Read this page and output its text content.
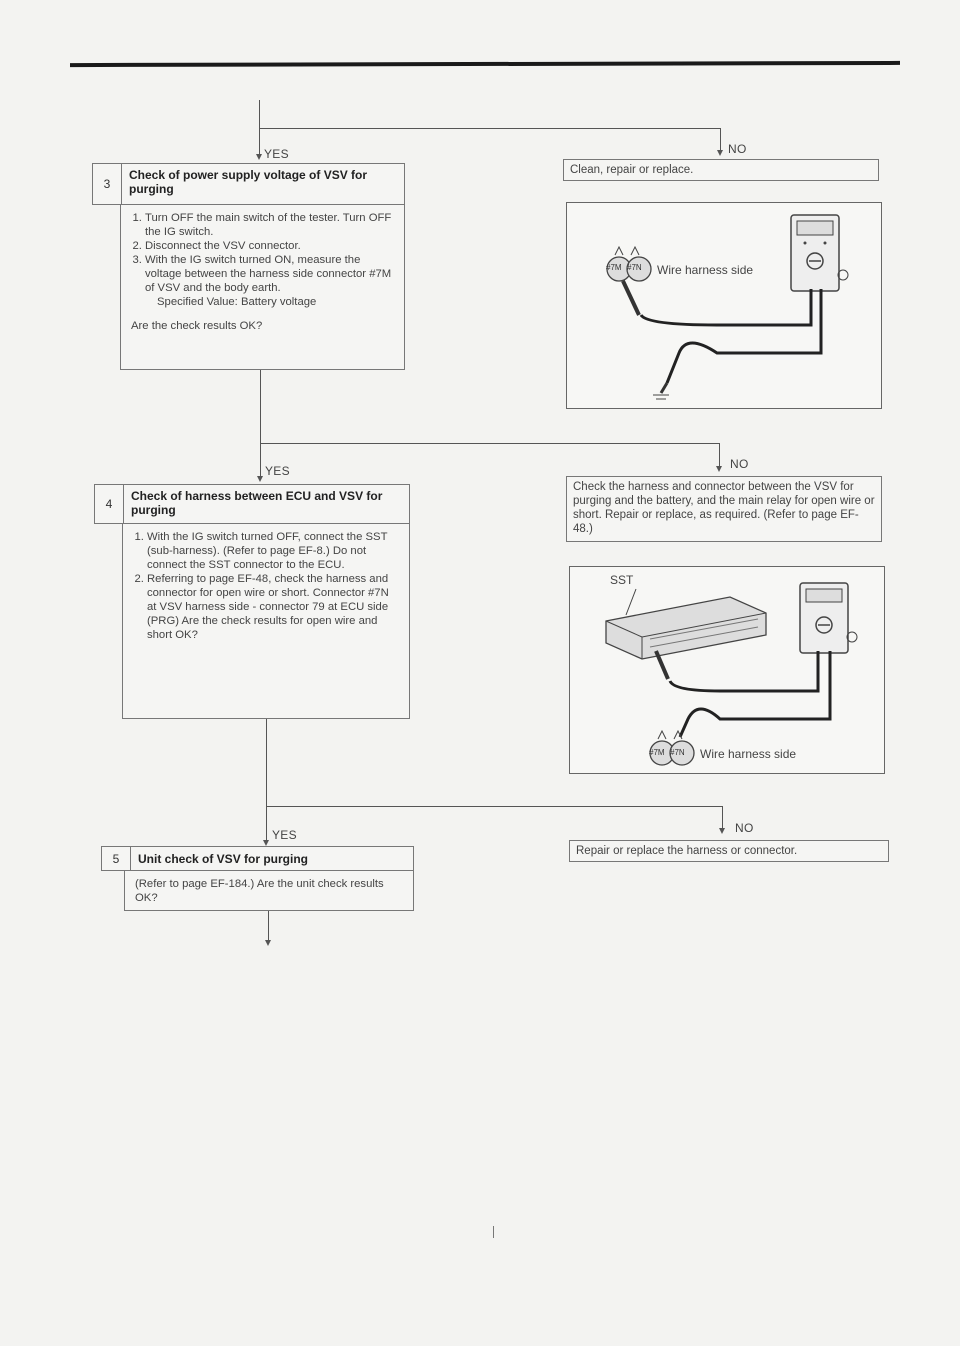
YES	NO
3
Check of power supply voltage of VSV for purging
1. Turn OFF the main switch of the tester. Turn OFF the IG switch.
2. Disconnect the VSV connector.
3. With the IG switch turned ON, measure the voltage between the harness side connector #7M of VSV and the body earth.
Specified Value: Battery voltage
Are the check results OK?
Clean, repair or replace.
#7M #7N Wire harness side
YES	NO
4
Check of harness between ECU and VSV for purging
1. With the IG switch turned OFF, connect the SST (sub-harness). (Refer to page EF-8.) Do not connect the SST connector to the ECU.
2. Referring to page EF-48, check the harness and connector for open wire or short. Connector #7N at VSV harness side - connector 79 at ECU side (PRG) Are the check results for open wire and short OK?
Check the harness and connector between the VSV for purging and the battery, and the main relay for open wire or short. Repair or replace, as required. (Refer to page EF-48.)
SST
#7M #7N Wire harness side
YES	NO
5	Unit check of VSV for purging
(Refer to page EF-184.) Are the unit check results OK?
Repair or replace the harness or connector.
